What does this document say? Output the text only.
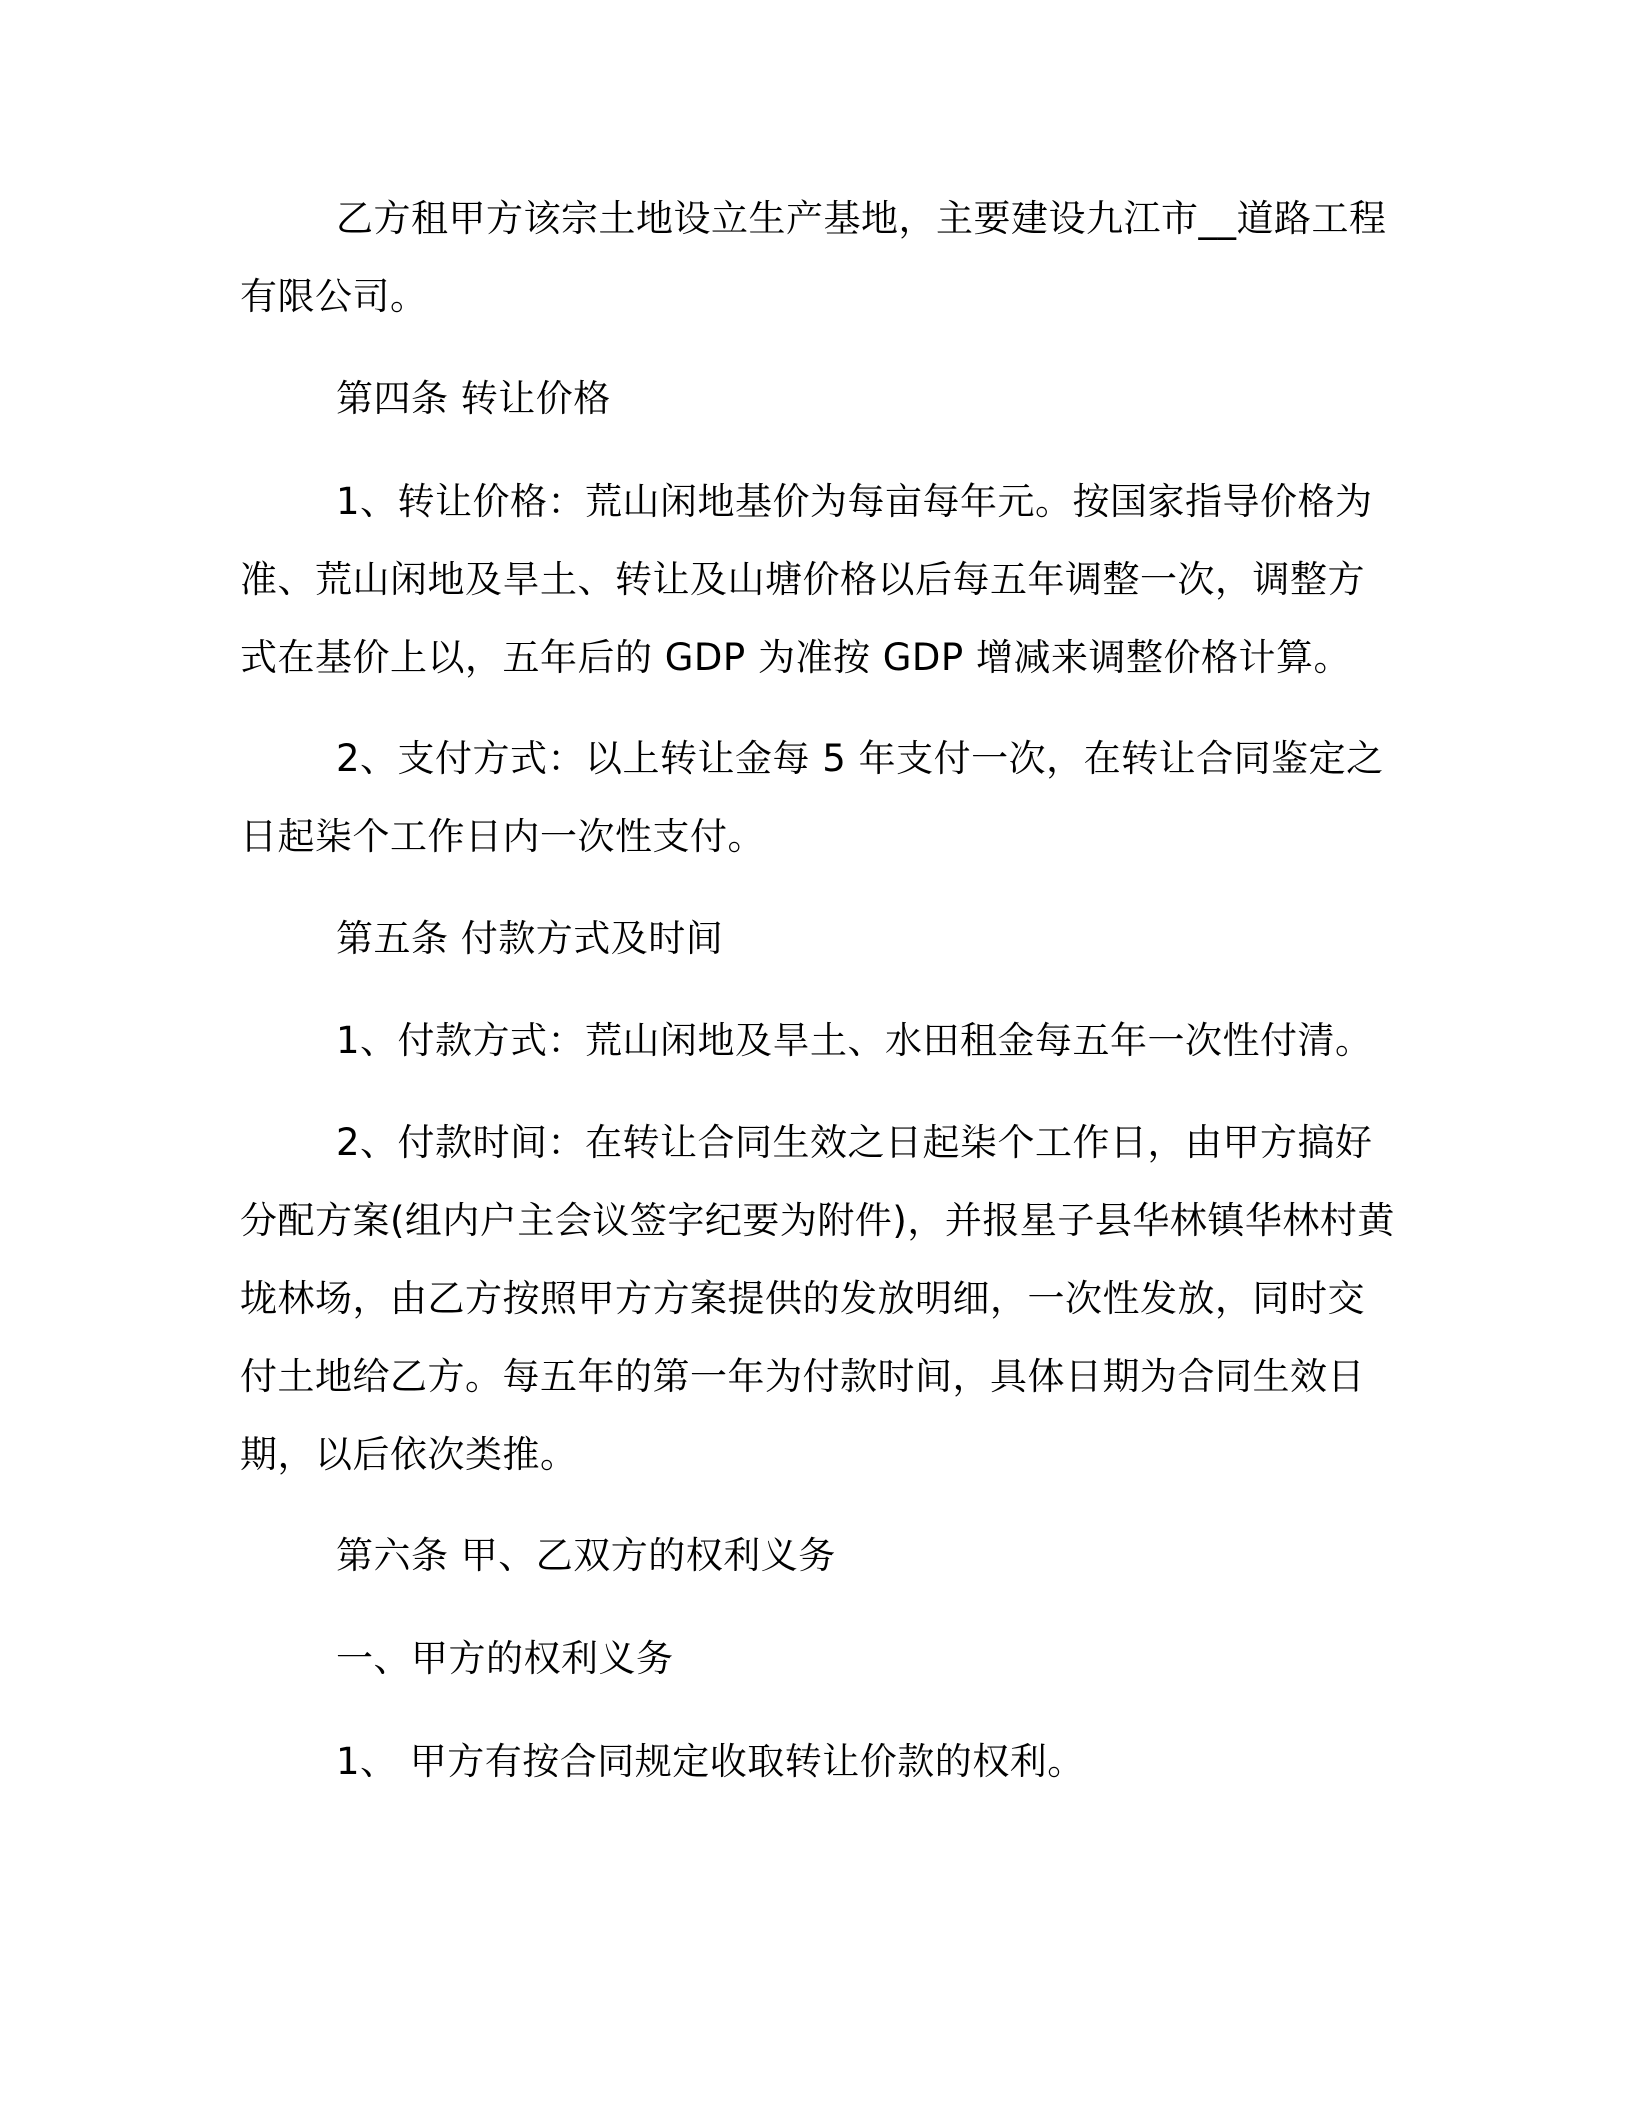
乙方租甲方该宗土地设立生产基地，主要建设九江市__道路工程
有限公司。
第四条 转让价格
1、转让价格：荒山闲地基价为每亩每年元。按国家指导价格为
准、荒山闲地及旱土、转让及山塘价格以后每五年调整一次，调整方
式在基价上以，五年后的 GDP 为准按 GDP 增减来调整价格计算。
2、支付方式：以上转让金每 5 年支付一次，在转让合同鉴定之
日起柒个工作日内一次性支付。
第五条 付款方式及时间
1、付款方式：荒山闲地及旱土、水田租金每五年一次性付清。
2、付款时间：在转让合同生效之日起柒个工作日，由甲方搞好
分配方案(组内户主会议签字纪要为附件)，并报星子县华林镇华林村黄
垅林场，由乙方按照甲方方案提供的发放明细，一次性发放，同时交
付土地给乙方。每五年的第一年为付款时间，具体日期为合同生效日
期，以后依次类推。
第六条 甲、乙双方的权利义务
一、甲方的权利义务
1、 甲方有按合同规定收取转让价款的权利。
